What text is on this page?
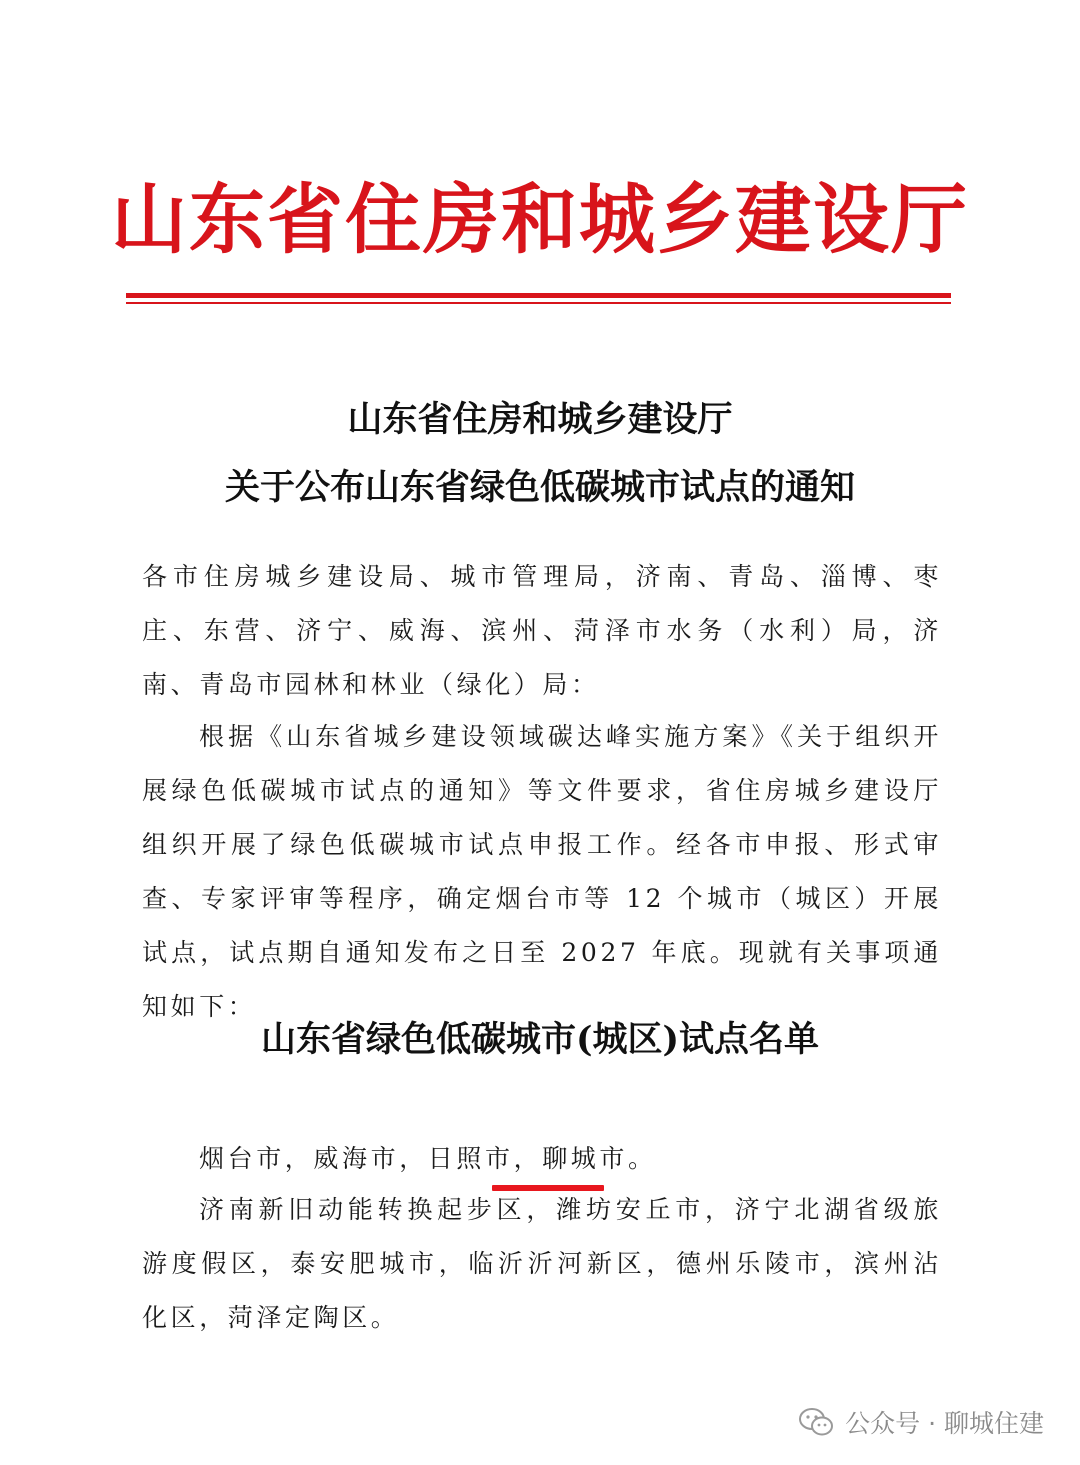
山东省住房和城乡建设厅
山东省住房和城乡建设厅
关于公布山东省绿色低碳城市试点的通知
各市住房城乡建设局、城市管理局，济南、青岛、淄博、枣庄、东营、济宁、威海、滨州、菏泽市水务（水利）局，济南、青岛市园林和林业（绿化）局：
根据《山东省城乡建设领域碳达峰实施方案》《关于组织开展绿色低碳城市试点的通知》等文件要求，省住房城乡建设厅组织开展了绿色低碳城市试点申报工作。经各市申报、形式审查、专家评审等程序，确定烟台市等 12 个城市（城区）开展试点，试点期自通知发布之日至 2027 年底。现就有关事项通知如下：
山东省绿色低碳城市(城区)试点名单
烟台市，威海市，日照市，聊城市。
济南新旧动能转换起步区，潍坊安丘市，济宁北湖省级旅游度假区，泰安肥城市，临沂沂河新区，德州乐陵市，滨州沾化区，菏泽定陶区。
公众号 · 聊城住建
